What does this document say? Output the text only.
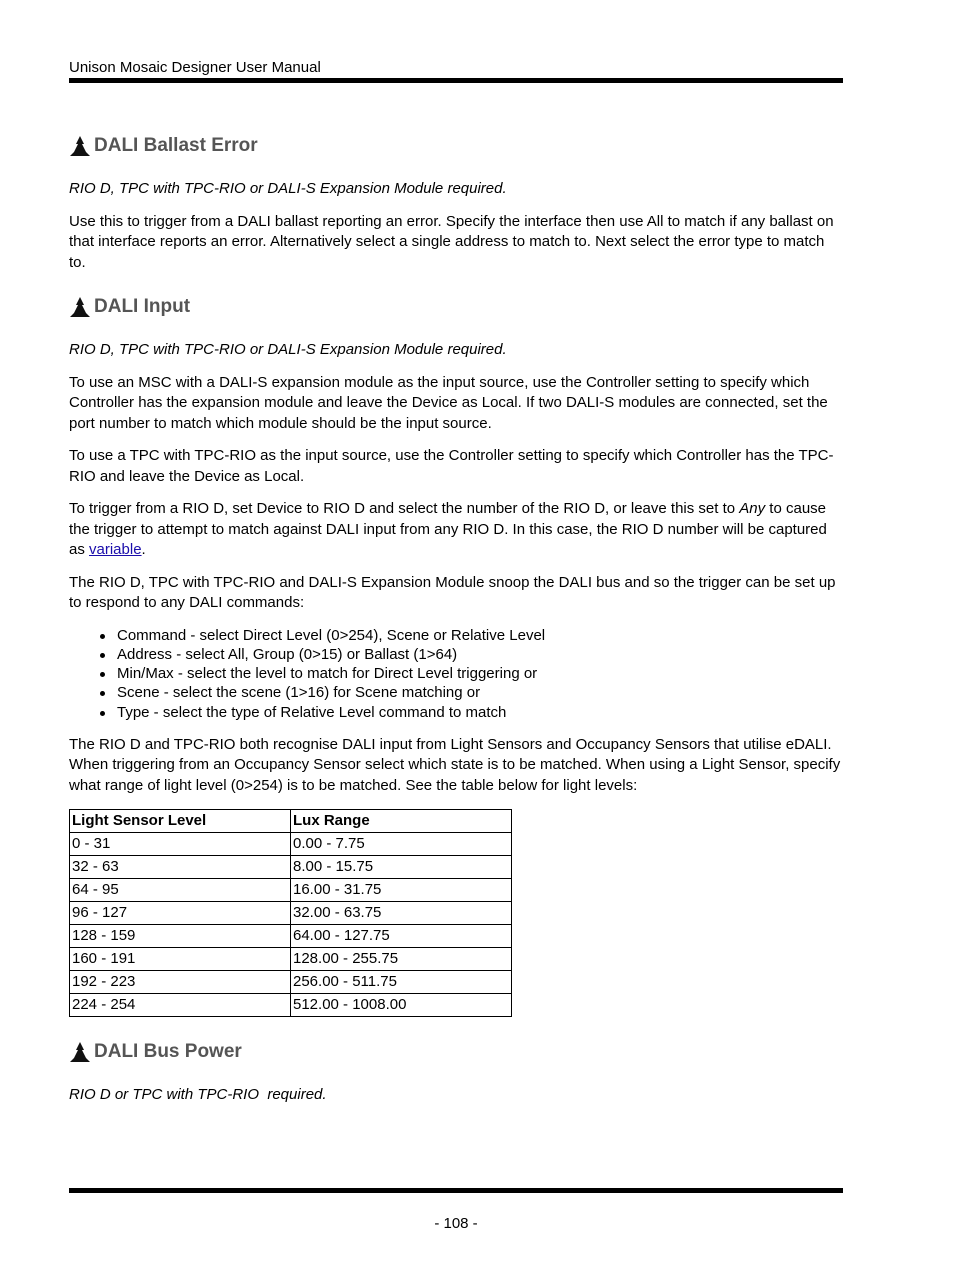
Unison Mosaic Designer User Manual
DALI Ballast Error

RIO D, TPC with TPC-RIO or DALI-S Expansion Module required.

Use this to trigger from a DALI ballast reporting an error. Specify the interface then use All to match if any ballast on that interface reports an error. Alternatively select a single address to match to. Next select the error type to match to.

DALI Input

RIO D, TPC with TPC-RIO or DALI-S Expansion Module required.

To use an MSC with a DALI-S expansion module as the input source, use the Controller setting to specify which Controller has the expansion module and leave the Device as Local. If two DALI-S modules are connected, set the port number to match which module should be the input source.

To use a TPC with TPC-RIO as the input source, use the Controller setting to specify which Controller has the TPC-RIO and leave the Device as Local.

To trigger from a RIO D, set Device to RIO D and select the number of the RIO D, or leave this set to Any to cause the trigger to attempt to match against DALI input from any RIO D. In this case, the RIO D number will be captured as variable.

The RIO D, TPC with TPC-RIO and DALI-S Expansion Module snoop the DALI bus and so the trigger can be set up to respond to any DALI commands:

Command - select Direct Level (0>254), Scene or Relative Level
Address - select All, Group (0>15) or Ballast (1>64)
Min/Max - select the level to match for Direct Level triggering or
Scene - select the scene (1>16) for Scene matching or
Type - select the type of Relative Level command to match

The RIO D and TPC-RIO both recognise DALI input from Light Sensors and Occupancy Sensors that utilise eDALI. When triggering from an Occupancy Sensor select which state is to be matched. When using a Light Sensor, specify what range of light level (0>254) is to be matched. See the table below for light levels:

Light Sensor Level	Lux Range
0 - 31	0.00 - 7.75
32 - 63	8.00 - 15.75
64 - 95	16.00 - 31.75
96 - 127	32.00 - 63.75
128 - 159	64.00 - 127.75
160 - 191	128.00 - 255.75
192 - 223	256.00 - 511.75
224 - 254	512.00 - 1008.00
DALI Bus Power

RIO D or TPC with TPC-RIO  required.

- 108 -
